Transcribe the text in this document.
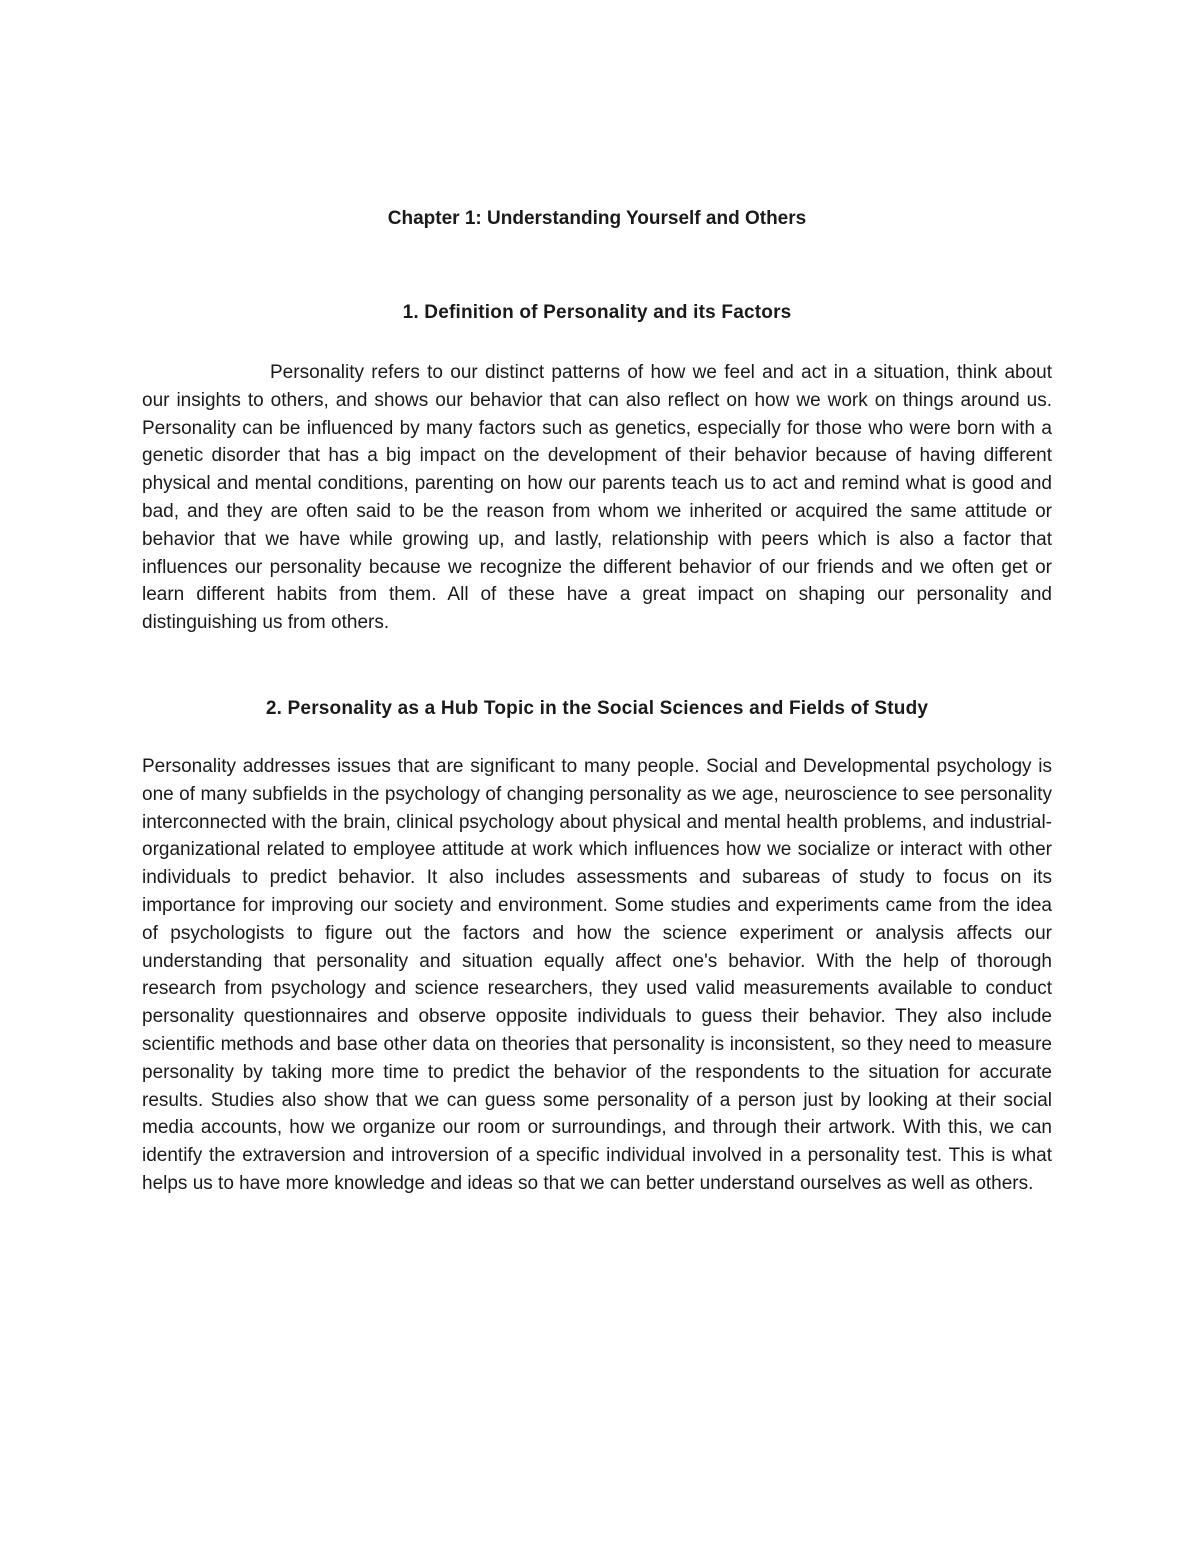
Chapter 1: Understanding Yourself and Others
1. Definition of Personality and its Factors

Personality refers to our distinct patterns of how we feel and act in a situation, think about our insights to others, and shows our behavior that can also reflect on how we work on things around us. Personality can be influenced by many factors such as genetics, especially for those who were born with a genetic disorder that has a big impact on the development of their behavior because of having different physical and mental conditions, parenting on how our parents teach us to act and remind what is good and bad, and they are often said to be the reason from whom we inherited or acquired the same attitude or behavior that we have while growing up, and lastly, relationship with peers which is also a factor that influences our personality because we recognize the different behavior of our friends and we often get or learn different habits from them. All of these have a great impact on shaping our personality and distinguishing us from others.

2. Personality as a Hub Topic in the Social Sciences and Fields of Study

Personality addresses issues that are significant to many people. Social and Developmental psychology is one of many subfields in the psychology of changing personality as we age, neuroscience to see personality interconnected with the brain, clinical psychology about physical and mental health problems, and industrial-organizational related to employee attitude at work which influences how we socialize or interact with other individuals to predict behavior. It also includes assessments and subareas of study to focus on its importance for improving our society and environment. Some studies and experiments came from the idea of psychologists to figure out the factors and how the science experiment or analysis affects our understanding that personality and situation equally affect one's behavior. With the help of thorough research from psychology and science researchers, they used valid measurements available to conduct personality questionnaires and observe opposite individuals to guess their behavior. They also include scientific methods and base other data on theories that personality is inconsistent, so they need to measure personality by taking more time to predict the behavior of the respondents to the situation for accurate results. Studies also show that we can guess some personality of a person just by looking at their social media accounts, how we organize our room or surroundings, and through their artwork. With this, we can identify the extraversion and introversion of a specific individual involved in a personality test. This is what helps us to have more knowledge and ideas so that we can better understand ourselves as well as others.
